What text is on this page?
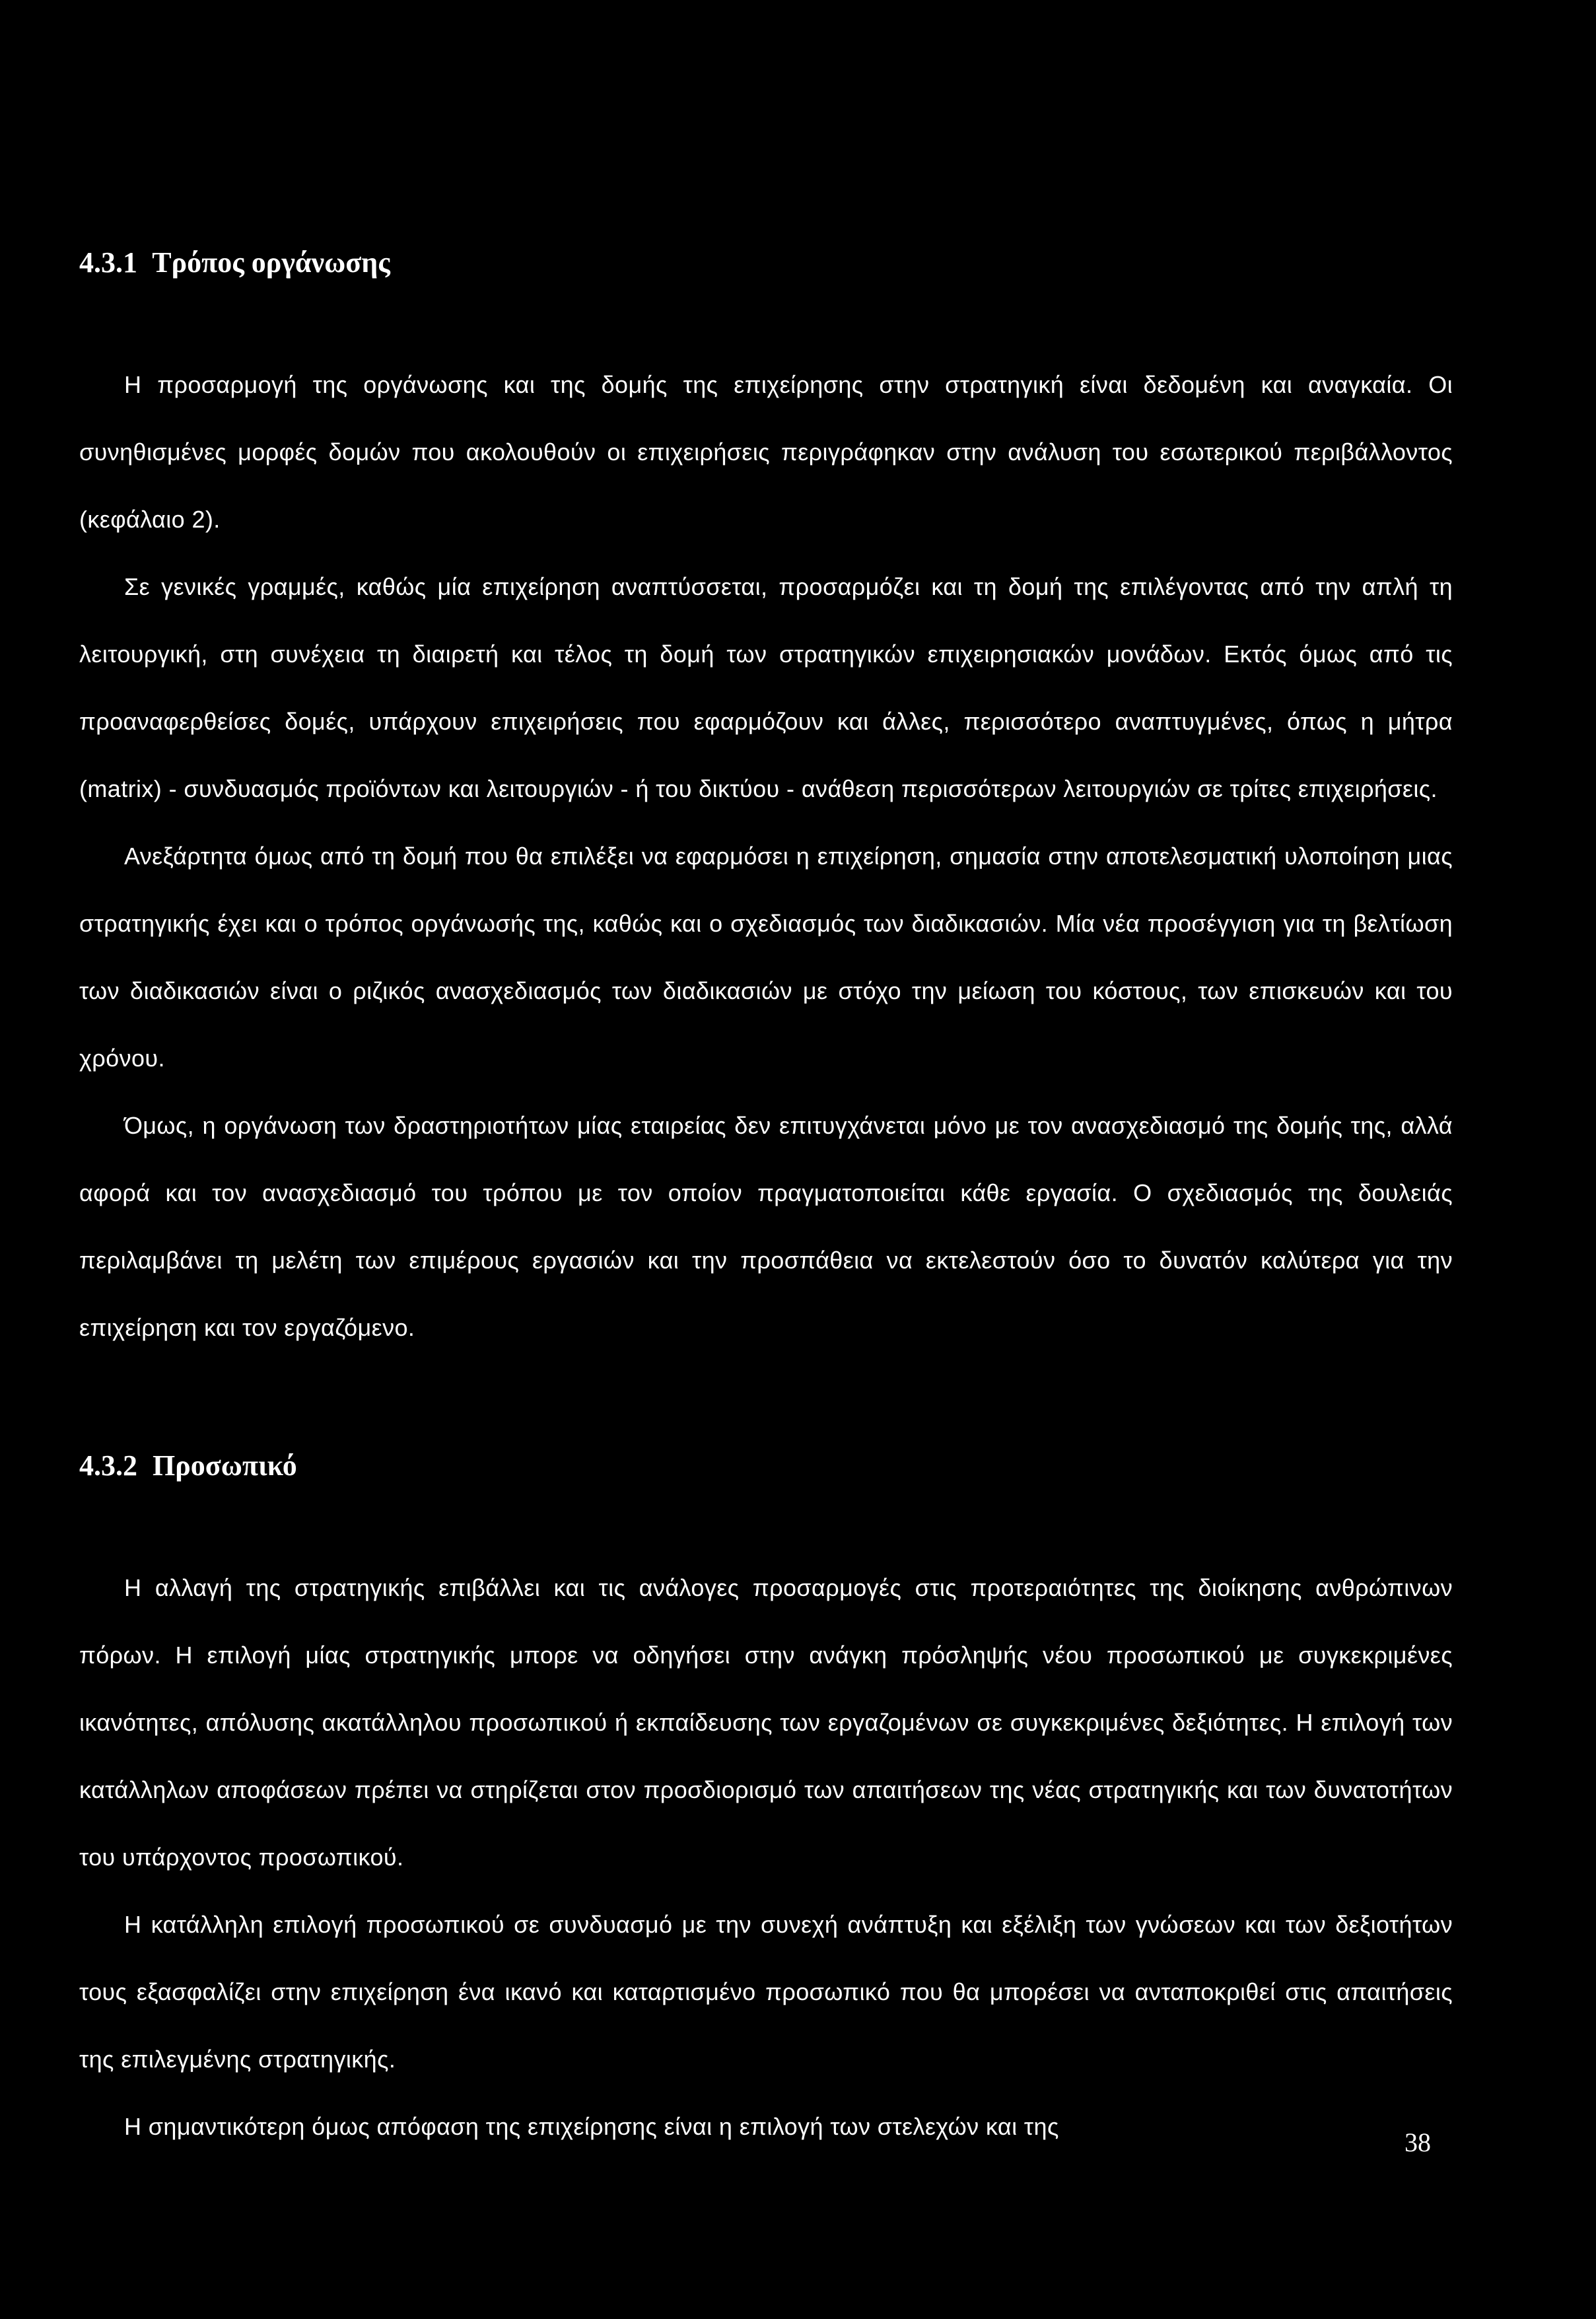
4.3.1 Τρόπος οργάνωσης

Η προσαρμογή της οργάνωσης και της δομής της επιχείρησης στην στρατηγική είναι δεδομένη και αναγκαία. Οι συνηθισμένες μορφές δομών που ακολουθούν οι επιχειρήσεις περιγράφηκαν στην ανάλυση του εσωτερικού περιβάλλοντος (κεφάλαιο 2).

Σε γενικές γραμμές, καθώς μία επιχείρηση αναπτύσσεται, προσαρμόζει και τη δομή της επιλέγοντας από την απλή τη λειτουργική, στη συνέχεια τη διαιρετή και τέλος τη δομή των στρατηγικών επιχειρησιακών μονάδων. Εκτός όμως από τις προαναφερθείσες δομές, υπάρχουν επιχειρήσεις που εφαρμόζουν και άλλες, περισσότερο αναπτυγμένες, όπως η μήτρα (matrix) - συνδυασμός προϊόντων και λειτουργιών - ή του δικτύου - ανάθεση περισσότερων λειτουργιών σε τρίτες επιχειρήσεις.

Ανεξάρτητα όμως από τη δομή που θα επιλέξει να εφαρμόσει η επιχείρηση, σημασία στην αποτελεσματική υλοποίηση μιας στρατηγικής έχει και ο τρόπος οργάνωσής της, καθώς και ο σχεδιασμός των διαδικασιών. Μία νέα προσέγγιση για τη βελτίωση των διαδικασιών είναι ο ριζικός ανασχεδιασμός των διαδικασιών με στόχο την μείωση του κόστους, των επισκευών και του χρόνου.

Όμως, η οργάνωση των δραστηριοτήτων μίας εταιρείας δεν επιτυγχάνεται μόνο με τον ανασχεδιασμό της δομής της, αλλά αφορά και τον ανασχεδιασμό του τρόπου με τον οποίον πραγματοποιείται κάθε εργασία. Ο σχεδιασμός της δουλειάς περιλαμβάνει τη μελέτη των επιμέρους εργασιών και την προσπάθεια να εκτελεστούν όσο το δυνατόν καλύτερα για την επιχείρηση και τον εργαζόμενο.

4.3.2 Προσωπικό

Η αλλαγή της στρατηγικής επιβάλλει και τις ανάλογες προσαρμογές στις προτεραιότητες της διοίκησης ανθρώπινων πόρων. Η επιλογή μίας στρατηγικής μπορε να οδηγήσει στην ανάγκη πρόσληψής νέου προσωπικού με συγκεκριμένες ικανότητες, απόλυσης ακατάλληλου προσωπικού ή εκπαίδευσης των εργαζομένων σε συγκεκριμένες δεξιότητες. Η επιλογή των κατάλληλων αποφάσεων πρέπει να στηρίζεται στον προσδιορισμό των απαιτήσεων της νέας στρατηγικής και των δυνατοτήτων του υπάρχοντος προσωπικού.

Η κατάλληλη επιλογή προσωπικού σε συνδυασμό με την συνεχή ανάπτυξη και εξέλιξη των γνώσεων και των δεξιοτήτων τους εξασφαλίζει στην επιχείρηση ένα ικανό και καταρτισμένο προσωπικό που θα μπορέσει να ανταποκριθεί στις απαιτήσεις της επιλεγμένης στρατηγικής.

Η σημαντικότερη όμως απόφαση της επιχείρησης είναι η επιλογή των στελεχών και της

38
